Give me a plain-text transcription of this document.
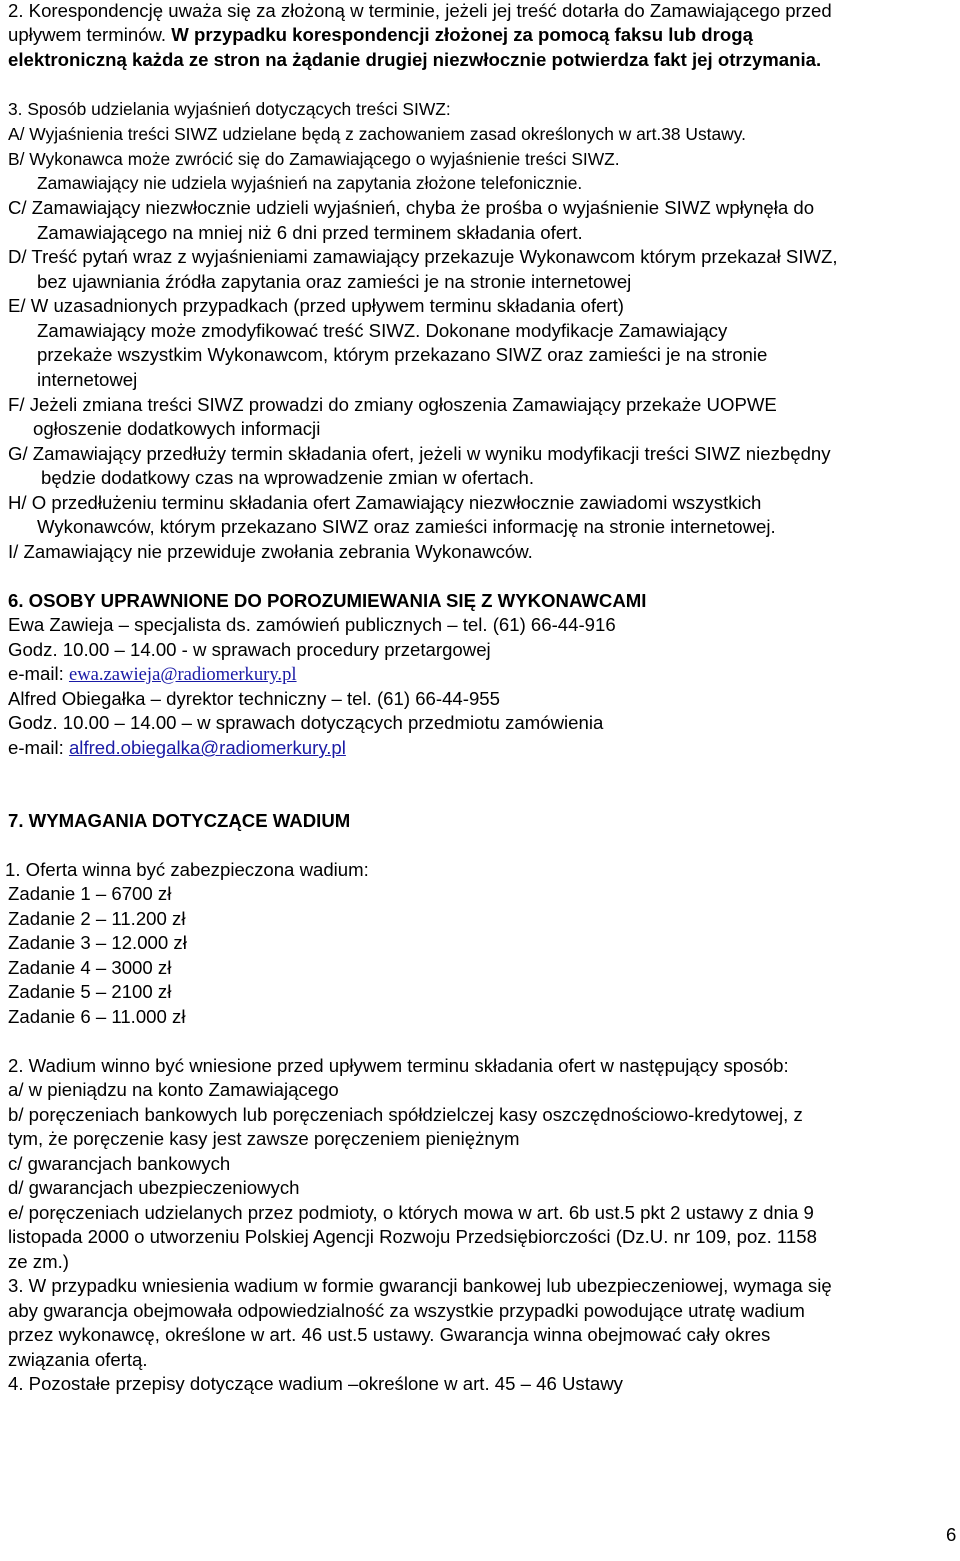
2. Korespondencję uważa się za złożoną w terminie, jeżeli jej treść dotarła do Zamawiającego przed
upływem terminów. W przypadku korespondencji złożonej za pomocą faksu lub drogą
elektroniczną każda ze stron na żądanie drugiej niezwłocznie potwierdza fakt jej otrzymania.
3. Sposób udzielania wyjaśnień dotyczących treści SIWZ:
A/ Wyjaśnienia treści SIWZ udzielane będą z zachowaniem zasad określonych w art.38 Ustawy.
B/ Wykonawca może zwrócić się do Zamawiającego o wyjaśnienie treści SIWZ.
Zamawiający nie udziela wyjaśnień na zapytania złożone telefonicznie.
C/ Zamawiający niezwłocznie udzieli wyjaśnień, chyba że prośba o wyjaśnienie SIWZ wpłynęła do
Zamawiającego na mniej niż 6 dni przed terminem składania ofert.
D/ Treść pytań wraz z wyjaśnieniami zamawiający przekazuje Wykonawcom którym przekazał SIWZ,
bez ujawniania źródła zapytania oraz zamieści je na stronie internetowej
E/ W uzasadnionych przypadkach (przed upływem terminu składania ofert)
Zamawiający może zmodyfikować treść SIWZ. Dokonane modyfikacje Zamawiający
przekaże wszystkim Wykonawcom, którym przekazano SIWZ oraz zamieści je na stronie
internetowej
F/ Jeżeli zmiana treści SIWZ prowadzi do zmiany ogłoszenia Zamawiający przekaże UOPWE
ogłoszenie dodatkowych informacji
G/ Zamawiający przedłuży termin składania ofert, jeżeli w wyniku modyfikacji treści SIWZ niezbędny
będzie dodatkowy czas na wprowadzenie zmian w ofertach.
H/ O przedłużeniu terminu składania ofert Zamawiający niezwłocznie zawiadomi wszystkich
Wykonawców, którym przekazano SIWZ oraz zamieści informację na stronie internetowej.
I/ Zamawiający nie przewiduje zwołania zebrania Wykonawców.
6. OSOBY UPRAWNIONE DO POROZUMIEWANIA SIĘ Z WYKONAWCAMI
Ewa Zawieja – specjalista ds. zamówień publicznych – tel. (61) 66-44-916
Godz. 10.00 – 14.00 - w sprawach procedury przetargowej
e-mail: ewa.zawieja@radiomerkury.pl
Alfred Obiegałka – dyrektor techniczny – tel. (61) 66-44-955
Godz. 10.00 – 14.00 – w sprawach dotyczących przedmiotu zamówienia
e-mail: alfred.obiegalka@radiomerkury.pl
7. WYMAGANIA DOTYCZĄCE WADIUM
1. Oferta winna być zabezpieczona wadium:
Zadanie 1 – 6700 zł
Zadanie 2 – 11.200 zł
Zadanie 3 – 12.000 zł
Zadanie 4 – 3000 zł
Zadanie 5 – 2100 zł
Zadanie 6 – 11.000 zł
2. Wadium winno być wniesione przed upływem terminu składania ofert w następujący sposób:
a/ w pieniądzu na konto Zamawiającego
b/ poręczeniach bankowych lub poręczeniach spółdzielczej kasy oszczędnościowo-kredytowej, z
tym, że poręczenie kasy jest zawsze poręczeniem pieniężnym
c/ gwarancjach bankowych
d/ gwarancjach ubezpieczeniowych
e/ poręczeniach udzielanych przez podmioty, o których mowa w art. 6b ust.5 pkt 2 ustawy z dnia 9
listopada 2000 o utworzeniu Polskiej Agencji Rozwoju Przedsiębiorczości (Dz.U. nr 109, poz. 1158
ze zm.)
3. W przypadku wniesienia wadium w formie gwarancji bankowej lub ubezpieczeniowej, wymaga się
aby gwarancja obejmowała odpowiedzialność za wszystkie przypadki powodujące utratę wadium
przez wykonawcę, określone w art. 46 ust.5 ustawy. Gwarancja winna obejmować cały okres
związania ofertą.
4. Pozostałe przepisy dotyczące wadium –określone w art. 45 – 46 Ustawy
6
